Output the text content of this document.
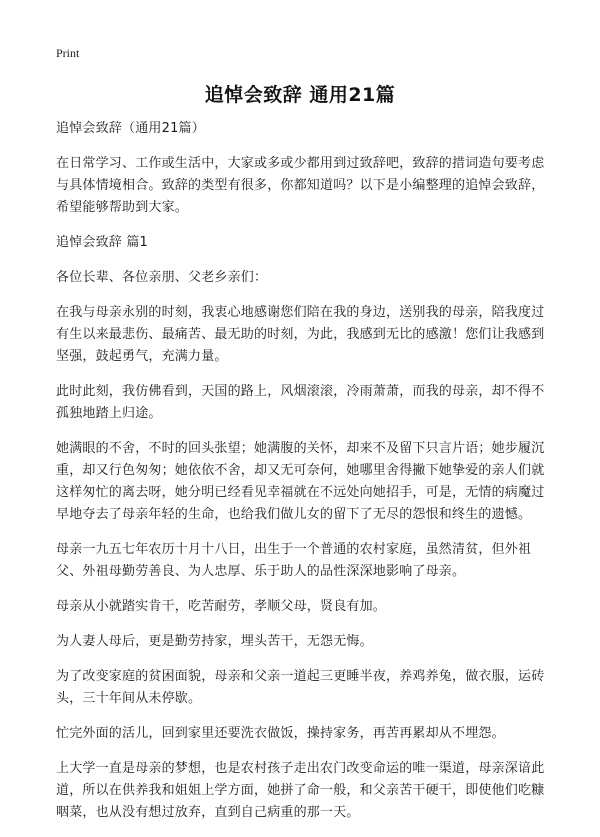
Print
追悼会致辞 通用21篇

追悼会致辞（通用21篇）

在日常学习、工作或生活中，大家或多或少都用到过致辞吧，致辞的措词造句要考虑与具体情境相合。致辞的类型有很多，你都知道吗？以下是小编整理的追悼会致辞，希望能够帮助到大家。

追悼会致辞 篇1

各位长辈、各位亲朋、父老乡亲们：

在我与母亲永别的时刻，我衷心地感谢您们陪在我的身边，送别我的母亲，陪我度过有生以来最悲伤、最痛苦、最无助的时刻，为此，我感到无比的感激！您们让我感到坚强，鼓起勇气，充满力量。

此时此刻，我仿佛看到，天国的路上，风烟滚滚，冷雨萧萧，而我的母亲，却不得不孤独地踏上归途。

她满眼的不舍，不时的回头张望；她满腹的关怀，却来不及留下只言片语；她步履沉重，却又行色匆匆；她依依不舍，却又无可奈何，她哪里舍得撇下她挚爱的亲人们就这样匆忙的离去呀，她分明已经看见幸福就在不远处向她招手，可是，无情的病魔过早地夺去了母亲年轻的生命，也给我们做儿女的留下了无尽的怨恨和终生的遗憾。

母亲一九五七年农历十月十八日，出生于一个普通的农村家庭，虽然清贫，但外祖父、外祖母勤劳善良、为人忠厚、乐于助人的品性深深地影响了母亲。

母亲从小就踏实肯干，吃苦耐劳，孝顺父母，贤良有加。

为人妻人母后，更是勤劳持家，埋头苦干，无怨无悔。

为了改变家庭的贫困面貌，母亲和父亲一道起三更睡半夜，养鸡养兔，做衣服，运砖头，三十年间从未停歇。

忙完外面的活儿，回到家里还要洗衣做饭，操持家务，再苦再累却从不埋怨。

上大学一直是母亲的梦想，也是农村孩子走出农门改变命运的唯一渠道，母亲深谙此道，所以在供养我和姐姐上学方面，她拼了命一般，和父亲苦干硬干，即使他们吃糠咽菜，也从没有想过放弃，直到自己病重的那一天。
